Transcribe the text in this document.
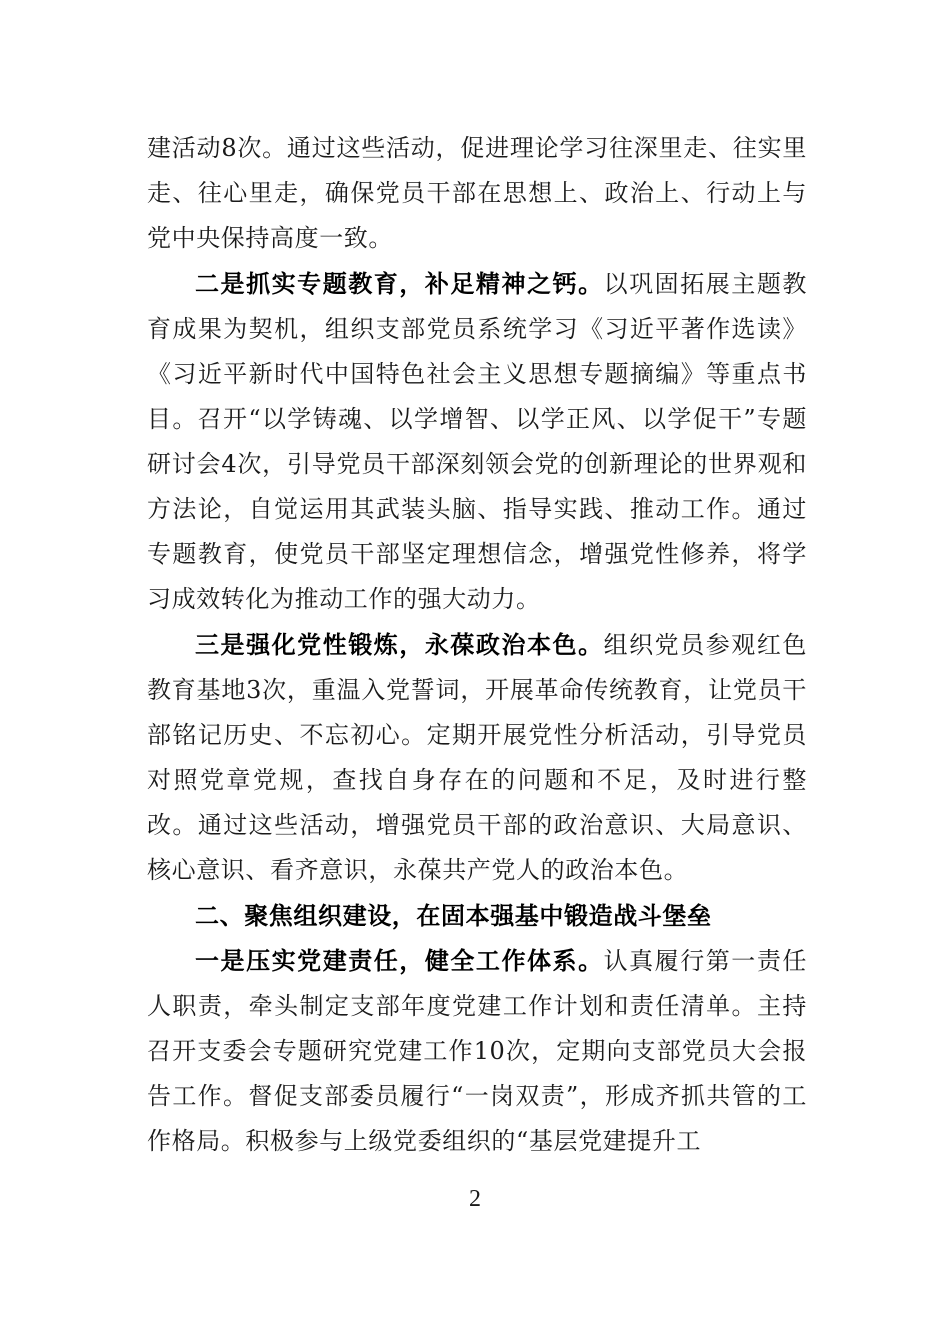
建活动8次。通过这些活动，促进理论学习往深里走、往实里走、往心里走，确保党员干部在思想上、政治上、行动上与党中央保持高度一致。

二是抓实专题教育，补足精神之钙。以巩固拓展主题教育成果为契机，组织支部党员系统学习《习近平著作选读》《习近平新时代中国特色社会主义思想专题摘编》等重点书目。召开“以学铸魂、以学增智、以学正风、以学促干”专题研讨会4次，引导党员干部深刻领会党的创新理论的世界观和方法论，自觉运用其武装头脑、指导实践、推动工作。通过专题教育，使党员干部坚定理想信念，增强党性修养，将学习成效转化为推动工作的强大动力。

三是强化党性锻炼，永葆政治本色。组织党员参观红色教育基地3次，重温入党誓词，开展革命传统教育，让党员干部铭记历史、不忘初心。定期开展党性分析活动，引导党员对照党章党规，查找自身存在的问题和不足，及时进行整改。通过这些活动，增强党员干部的政治意识、大局意识、核心意识、看齐意识，永葆共产党人的政治本色。

二、聚焦组织建设，在固本强基中锻造战斗堡垒

一是压实党建责任，健全工作体系。认真履行第一责任人职责，牵头制定支部年度党建工作计划和责任清单。主持召开支委会专题研究党建工作10次，定期向支部党员大会报告工作。督促支部委员履行“一岗双责”，形成齐抓共管的工作格局。积极参与上级党委组织的“基层党建提升工

2
